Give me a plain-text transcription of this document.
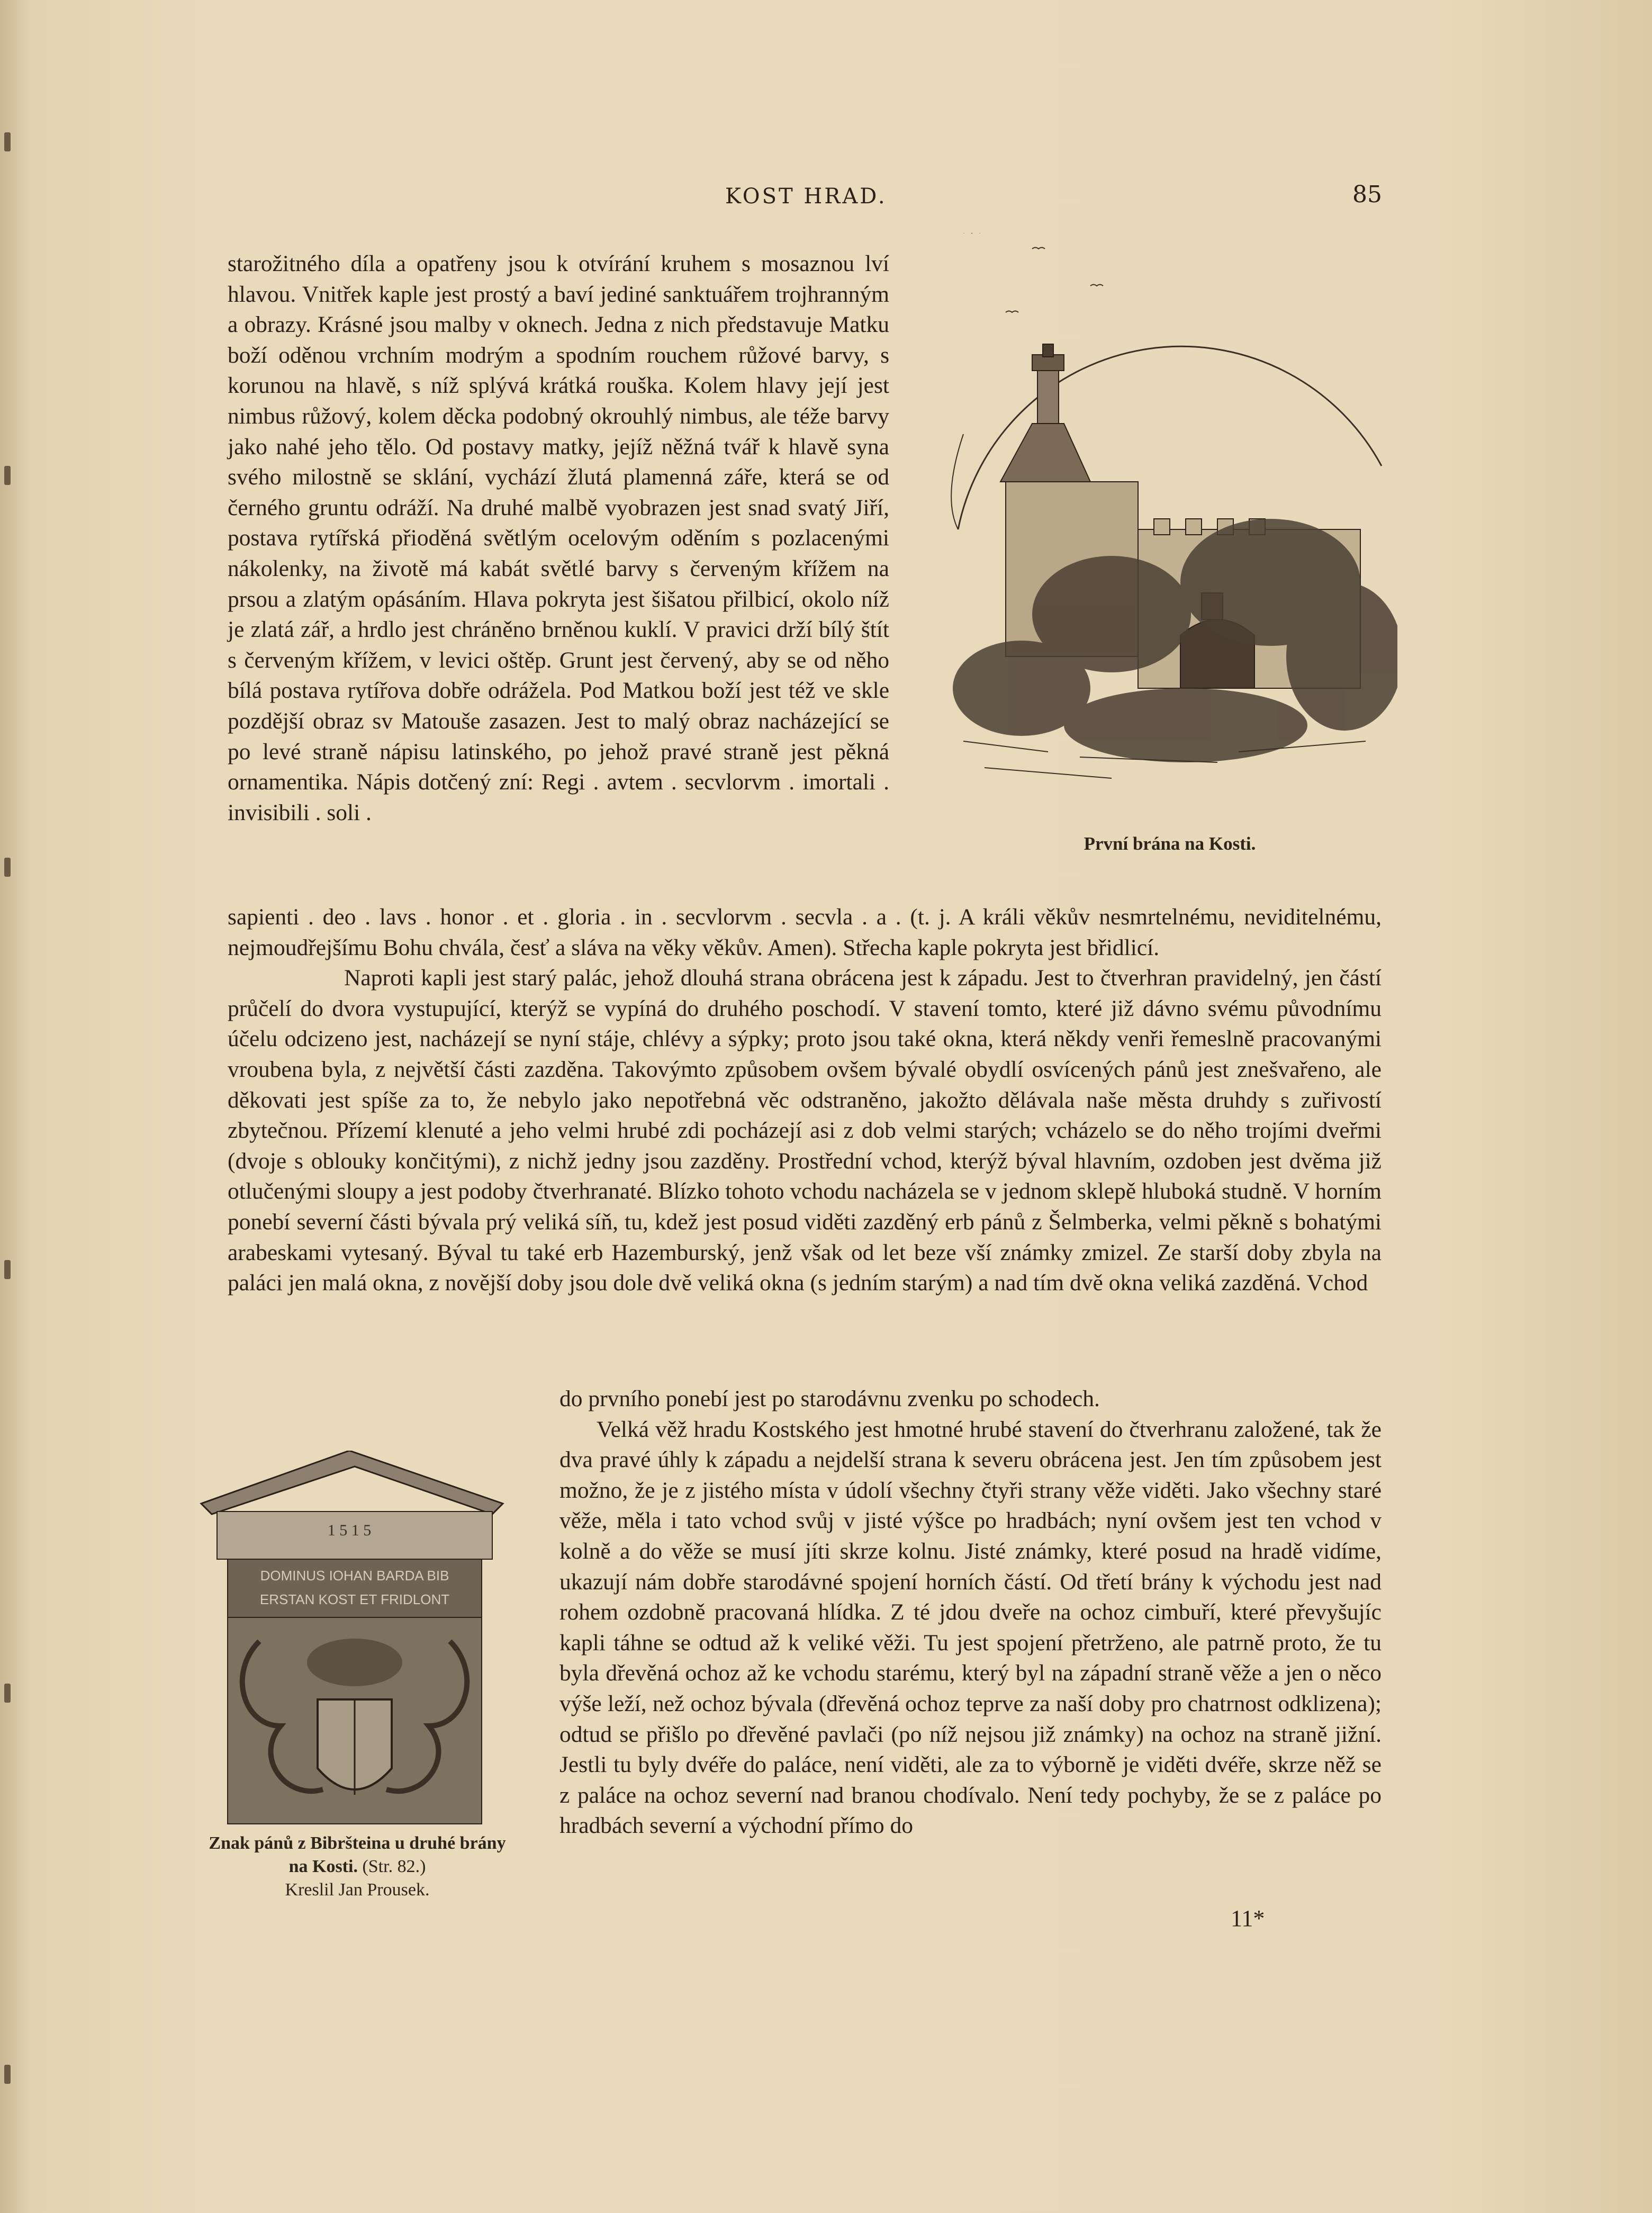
KOST HRAD.	85

starožitného díla a opatřeny jsou k otvírání kruhem s mosaznou lví hlavou. Vnitřek kaple jest prostý a baví jediné sanktuářem trojhranným a obrazy. Krásné jsou malby v oknech. Jedna z nich představuje Matku boží oděnou vrchním modrým a spodním rouchem růžové barvy, s korunou na hlavě, s níž splývá krátká rouška. Kolem hlavy její jest nimbus růžový, kolem děcka podobný okrouhlý nimbus, ale téže barvy jako nahé jeho tělo. Od postavy matky, jejíž něžná tvář k hlavě syna svého milostně se sklání, vychází žlutá plamenná záře, která se od černého gruntu odráží. Na druhé malbě vyobrazen jest snad svatý Jiří, postava rytířská přioděná světlým ocelovým oděním s pozlacenými nákolenky, na životě má kabát světlé barvy s červeným křížem na prsou a zlatým opásáním. Hlava pokryta jest šišatou přilbicí, okolo níž je zlatá zář, a hrdlo jest chráněno brněnou kuklí. V pravici drží bílý štít s červeným křížem, v levici oštěp. Grunt jest červený, aby se od něho bílá postava rytířova dobře odrážela. Pod Matkou boží jest též ve skle pozdější obraz sv Matouše zasazen. Jest to malý obraz nacházející se po levé straně nápisu latinského, po jehož pravé straně jest pěkná ornamentika. Nápis dotčený zní: Regi . avtem . secvlorvm . imortali . invisibili . soli .

První brána na Kosti.

sapienti . deo . lavs . honor . et . gloria . in . secvlorvm . secvla . a . (t. j. A králi věkův nesmrtelnému, neviditelnému, nejmoudřejšímu Bohu chvála, česť a sláva na věky věkův. Amen). Střecha kaple pokryta jest břidlicí.

Naproti kapli jest starý palác, jehož dlouhá strana obrácena jest k západu. Jest to čtverhran pravidelný, jen částí průčelí do dvora vystupující, kterýž se vypíná do druhého poschodí. V stavení tomto, které již dávno svému původnímu účelu odcizeno jest, nacházejí se nyní stáje, chlévy a sýpky; proto jsou také okna, která někdy venři řemeslně pracovanými vroubena byla, z největší části zazděna. Takovýmto způsobem ovšem bývalé obydlí osvícených pánů jest znešvařeno, ale děkovati jest spíše za to, že nebylo jako nepotřebná věc odstraněno, jakožto dělávala naše města druhdy s zuřivostí zbytečnou. Přízemí klenuté a jeho velmi hrubé zdi pocházejí asi z dob velmi starých; vcházelo se do něho trojími dveřmi (dvoje s oblouky končitými), z nichž jedny jsou zazděny. Prostřední vchod, kterýž býval hlavním, ozdoben jest dvěma již otlučenými sloupy a jest podoby čtverhranaté. Blízko tohoto vchodu nacházela se v jednom sklepě hluboká studně. V horním ponebí severní části bývala prý veliká síň, tu, kdež jest posud viděti zazděný erb pánů z Šelmberka, velmi pěkně s bohatými arabeskami vytesaný. Býval tu také erb Hazemburský, jenž však od let beze vší známky zmizel. Ze starší doby zbyla na paláci jen malá okna, z novější doby jsou dole dvě veliká okna (s jedním starým) a nad tím dvě okna veliká zazděná. Vchod

do prvního ponebí jest po starodávnu zvenku po schodech.

Velká věž hradu Kostského jest hmotné hrubé stavení do čtverhranu založené, tak že dva pravé úhly k západu a nejdelší strana k severu obrácena jest. Jen tím způsobem jest možno, že je z jistého místa v údolí všechny čtyři strany věže viděti. Jako všechny staré věže, měla i tato vchod svůj v jisté výšce po hradbách; nyní ovšem jest ten vchod v kolně a do věže se musí jíti skrze kolnu. Jisté známky, které posud na hradě vidíme, ukazují nám dobře starodávné spojení horních částí. Od třetí brány k východu jest nad rohem ozdobně pracovaná hlídka. Z té jdou dveře na ochoz cimbuří, které převyšujíc kapli táhne se odtud až k veliké věži. Tu jest spojení přetrženo, ale patrně proto, že tu byla dřevěná ochoz až ke vchodu starému, který byl na západní straně věže a jen o něco výše leží, než ochoz bývala (dřevěná ochoz teprve za naší doby pro chatrnost odklizena); odtud se přišlo po dřevěné pavlači (po níž nejsou již známky) na ochoz na straně jižní. Jestli tu byly dvéře do paláce, není viděti, ale za to výborně je viděti dvéře, skrze něž se z paláce na ochoz severní nad branou chodívalo. Není tedy pochyby, že se z paláce po hradbách severní a východní přímo do

1 5 1 5
DOMINUS IOHAN BARDA BIB
ERSTAN KOST ET FRIDLONT
Znak pánů z Bibršteina u druhé brány na Kosti. (Str. 82.)
Kreslil Jan Prousek.
11*
